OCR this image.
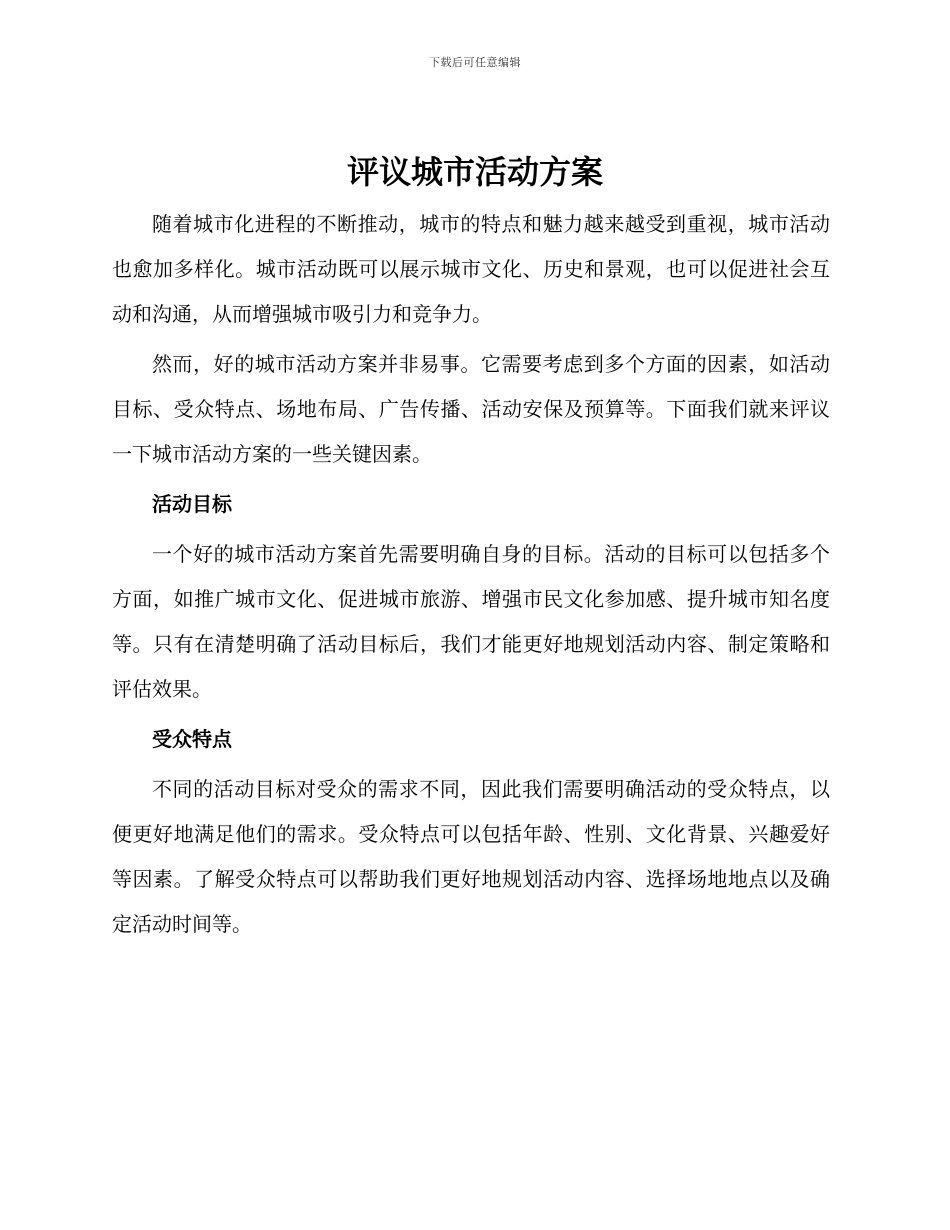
下载后可任意编辑
评议城市活动方案

随着城市化进程的不断推动，城市的特点和魅力越来越受到重视，城市活动也愈加多样化。城市活动既可以展示城市文化、历史和景观，也可以促进社会互动和沟通，从而增强城市吸引力和竞争力。

然而，好的城市活动方案并非易事。它需要考虑到多个方面的因素，如活动目标、受众特点、场地布局、广告传播、活动安保及预算等。下面我们就来评议一下城市活动方案的一些关键因素。

活动目标

一个好的城市活动方案首先需要明确自身的目标。活动的目标可以包括多个方面，如推广城市文化、促进城市旅游、增强市民文化参加感、提升城市知名度等。只有在清楚明确了活动目标后，我们才能更好地规划活动内容、制定策略和评估效果。

受众特点

不同的活动目标对受众的需求不同，因此我们需要明确活动的受众特点，以便更好地满足他们的需求。受众特点可以包括年龄、性别、文化背景、兴趣爱好等因素。了解受众特点可以帮助我们更好地规划活动内容、选择场地地点以及确定活动时间等。
